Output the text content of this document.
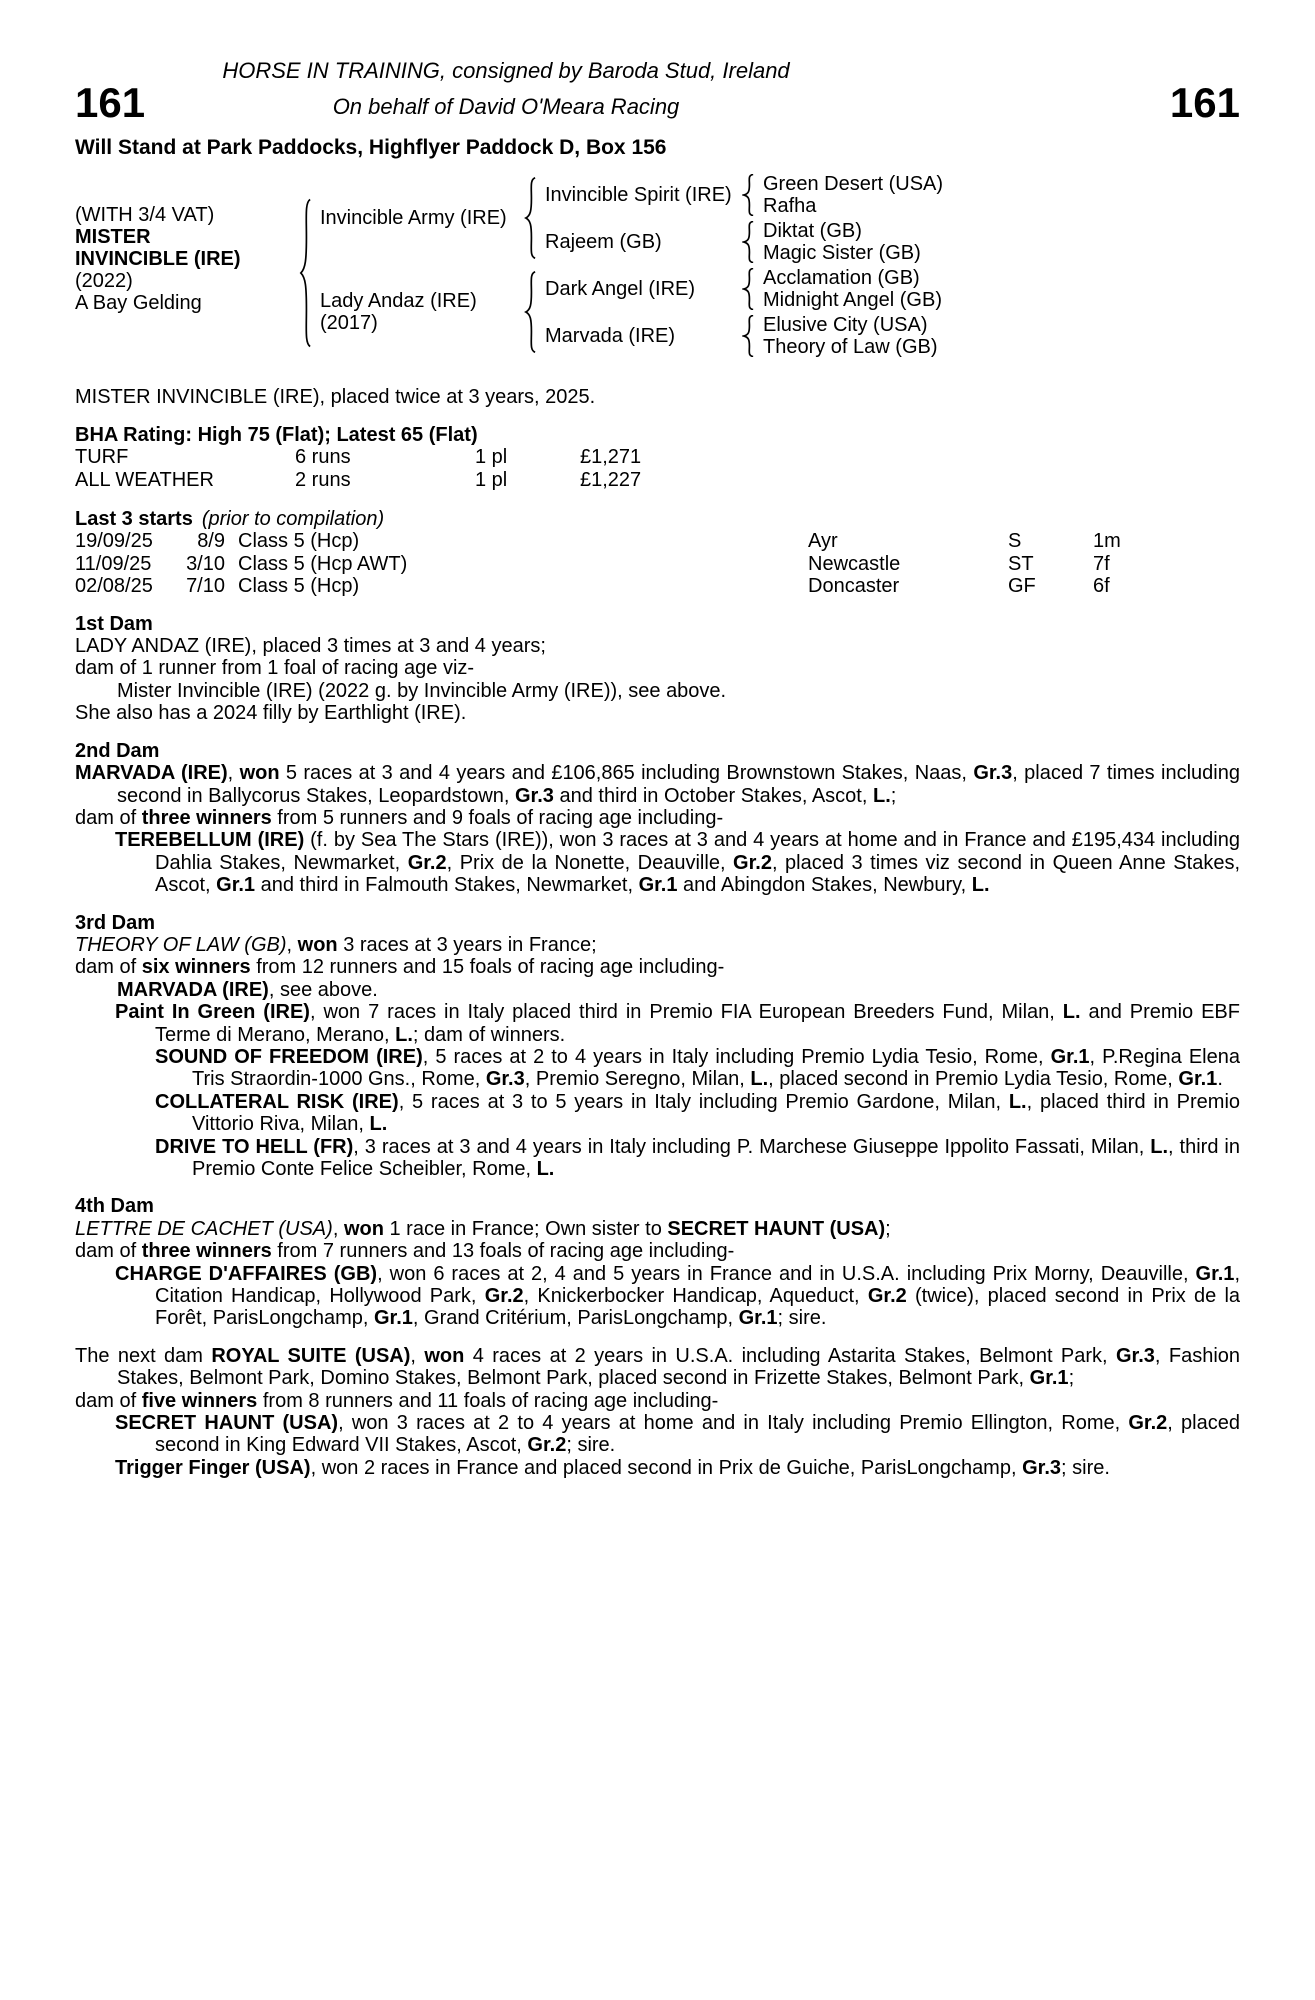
161	161

HORSE IN TRAINING, consigned by Baroda Stud, Ireland

On behalf of David O'Meara Racing

Will Stand at Park Paddocks, Highflyer Paddock D, Box 156

(WITH 3/4 VAT)
MISTER
INVINCIBLE (IRE)
(2022)
A Bay Gelding
Invincible Army (IRE)
Invincible Spirit (IRE) Green Desert (USA)
Rafha
Rajeem (GB)	Diktat (GB)
Magic Sister (GB)
Lady Andaz (IRE)
(2017)
Dark Angel (IRE)	Acclamation (GB)
Midnight Angel (GB)
Marvada (IRE)	Elusive City (USA)
Theory of Law (GB)

MISTER INVINCIBLE (IRE), placed twice at 3 years, 2025.

BHA Rating: High 75 (Flat); Latest 65 (Flat)

TURF	6 runs	1 pl	£1,271
ALL WEATHER	2 runs	1 pl	£1,227

Last 3 starts (prior to compilation)

19/09/25	8/9 Class 5 (Hcp)	Ayr	S	1m
11/09/25	3/10 Class 5 (Hcp AWT)	Newcastle	ST	7f
02/08/25	7/10 Class 5 (Hcp)	Doncaster	GF	6f

1st Dam

LADY ANDAZ (IRE), placed 3 times at 3 and 4 years;

dam of 1 runner from 1 foal of racing age viz-

Mister Invincible (IRE) (2022 g. by Invincible Army (IRE)), see above.

She also has a 2024 filly by Earthlight (IRE).

2nd Dam

MARVADA (IRE), won 5 races at 3 and 4 years and £106,865 including Brownstown Stakes, Naas, Gr.3, placed 7 times including second in Ballycorus Stakes, Leopardstown, Gr.3 and third in October Stakes, Ascot, L.;

dam of three winners from 5 runners and 9 foals of racing age including-

TEREBELLUM (IRE) (f. by Sea The Stars (IRE)), won 3 races at 3 and 4 years at home and in France and £195,434 including Dahlia Stakes, Newmarket, Gr.2, Prix de la Nonette, Deauville, Gr.2, placed 3 times viz second in Queen Anne Stakes, Ascot, Gr.1 and third in Falmouth Stakes, Newmarket, Gr.1 and Abingdon Stakes, Newbury, L.

3rd Dam

THEORY OF LAW (GB), won 3 races at 3 years in France;

dam of six winners from 12 runners and 15 foals of racing age including-

MARVADA (IRE), see above.

Paint In Green (IRE), won 7 races in Italy placed third in Premio FIA European Breeders Fund, Milan, L. and Premio EBF Terme di Merano, Merano, L.; dam of winners.

SOUND OF FREEDOM (IRE), 5 races at 2 to 4 years in Italy including Premio Lydia Tesio, Rome, Gr.1, P.Regina Elena Tris Straordin-1000 Gns., Rome, Gr.3, Premio Seregno, Milan, L., placed second in Premio Lydia Tesio, Rome, Gr.1.

COLLATERAL RISK (IRE), 5 races at 3 to 5 years in Italy including Premio Gardone, Milan, L., placed third in Premio Vittorio Riva, Milan, L.

DRIVE TO HELL (FR), 3 races at 3 and 4 years in Italy including P. Marchese Giuseppe Ippolito Fassati, Milan, L., third in Premio Conte Felice Scheibler, Rome, L.

4th Dam

LETTRE DE CACHET (USA), won 1 race in France; Own sister to SECRET HAUNT (USA);

dam of three winners from 7 runners and 13 foals of racing age including-

CHARGE D'AFFAIRES (GB), won 6 races at 2, 4 and 5 years in France and in U.S.A. including Prix Morny, Deauville, Gr.1, Citation Handicap, Hollywood Park, Gr.2, Knickerbocker Handicap, Aqueduct, Gr.2 (twice), placed second in Prix de la Forêt, ParisLongchamp, Gr.1, Grand Critérium, ParisLongchamp, Gr.1; sire.

The next dam ROYAL SUITE (USA), won 4 races at 2 years in U.S.A. including Astarita Stakes, Belmont Park, Gr.3, Fashion Stakes, Belmont Park, Domino Stakes, Belmont Park, placed second in Frizette Stakes, Belmont Park, Gr.1;

dam of five winners from 8 runners and 11 foals of racing age including-

SECRET HAUNT (USA), won 3 races at 2 to 4 years at home and in Italy including Premio Ellington, Rome, Gr.2, placed second in King Edward VII Stakes, Ascot, Gr.2; sire.

Trigger Finger (USA), won 2 races in France and placed second in Prix de Guiche, ParisLongchamp, Gr.3; sire.
